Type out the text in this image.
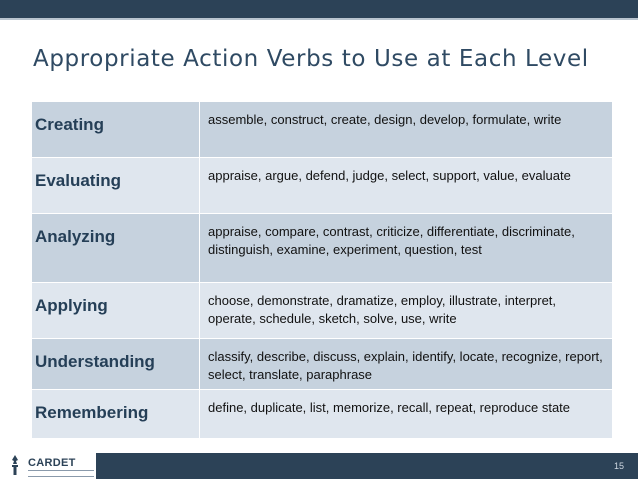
Appropriate Action Verbs to Use at Each Level
Creating	assemble, construct, create, design, develop, formulate, write
Evaluating	appraise, argue, defend, judge, select, support, value, evaluate
Analyzing	appraise, compare, contrast, criticize, differentiate, discriminate, distinguish, examine, experiment, question, test
Applying	choose, demonstrate, dramatize, employ, illustrate, interpret, operate, schedule, sketch, solve, use, write
Understanding	classify, describe, discuss, explain, identify, locate, recognize, report, select, translate, paraphrase
Remembering	define, duplicate, list, memorize, recall, repeat, reproduce state
CARDET	15
